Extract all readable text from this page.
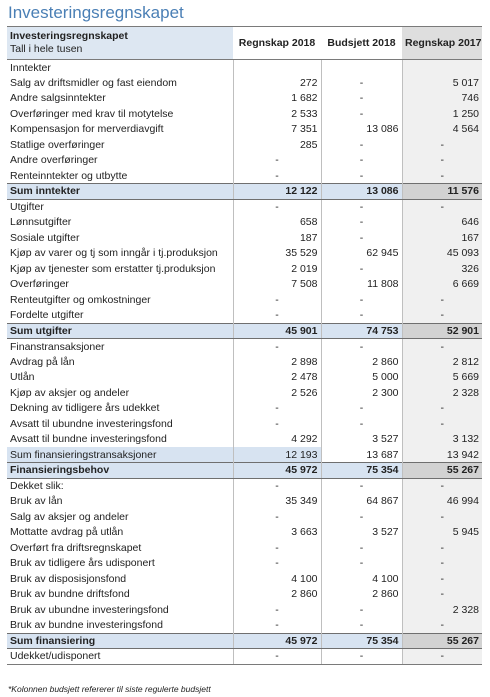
Investeringsregnskapet
Investeringsregnskapet
Tall i hele tusen	Regnskap 2018	Budsjett 2018	Regnskap 2017
Inntekter			
Salg av driftsmidler og fast eiendom	272	-	5 017
Andre salgsinntekter	1 682	-	746
Overføringer med krav til motytelse	2 533	-	1 250
Kompensasjon for merverdiavgift	7 351	13 086	4 564
Statlige overføringer	285	-	-
Andre overføringer	-	-	-
Renteinntekter og utbytte	-	-	-
Sum inntekter	12 122	13 086	11 576
Utgifter	-	-	-
Lønnsutgifter	658	-	646
Sosiale utgifter	187	-	167
Kjøp av varer og tj som inngår i tj.produksjon	35 529	62 945	45 093
Kjøp av tjenester som erstatter tj.produksjon	2 019	-	326
Overføringer	7 508	11 808	6 669
Renteutgifter og omkostninger	-	-	-
Fordelte utgifter	-	-	-
Sum utgifter	45 901	74 753	52 901
Finanstransaksjoner	-	-	-
Avdrag på lån	2 898	2 860	2 812
Utlån	2 478	5 000	5 669
Kjøp av aksjer og andeler	2 526	2 300	2 328
Dekning av tidligere års udekket	-	-	-
Avsatt til ubundne investeringsfond	-	-	-
Avsatt til bundne investeringsfond	4 292	3 527	3 132
Sum finansieringstransaksjoner	12 193	13 687	13 942
Finansieringsbehov	45 972	75 354	55 267
Dekket slik:	-	-	-
Bruk av lån	35 349	64 867	46 994
Salg av aksjer og andeler	-	-	-
Mottatte avdrag på utlån	3 663	3 527	5 945
Overført fra driftsregnskapet	-	-	-
Bruk av tidligere års udisponert	-	-	-
Bruk av disposisjonsfond	4 100	4 100	-
Bruk av bundne driftsfond	2 860	2 860	-
Bruk av ubundne investeringsfond	-	-	2 328
Bruk av bundne investeringsfond	-	-	-
Sum finansiering	45 972	75 354	55 267
Udekket/udisponert	-	-	-
*Kolonnen budsjett refererer til siste regulerte budsjett
